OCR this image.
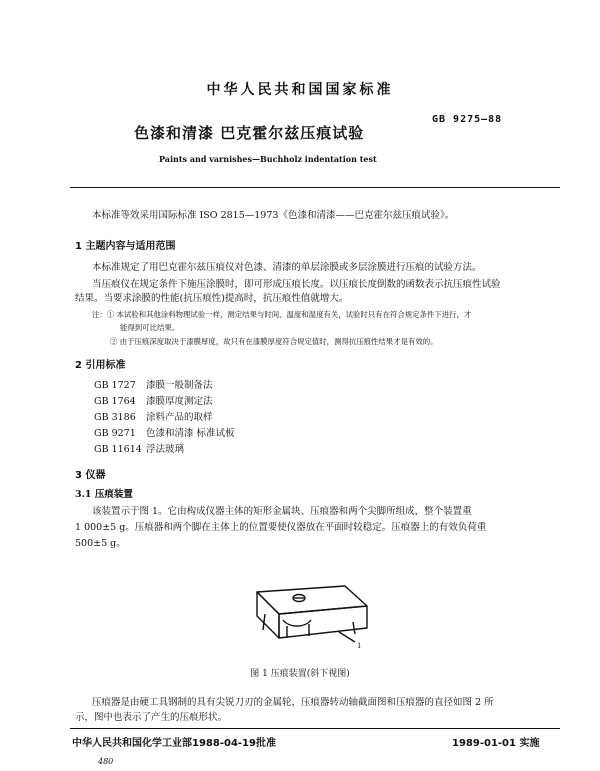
中华人民共和国国家标准
GB 9275—88
色漆和清漆 巴克霍尔兹压痕试验
Paints and varnishes—Buchholz indentation test
本标准等效采用国际标准 ISO 2815—1973《色漆和清漆——巴克霍尔兹压痕试验》。
1 主题内容与适用范围
本标准规定了用巴克霍尔兹压痕仪对色漆、清漆的单层涂膜或多层涂膜进行压痕的试验方法。
当压痕仪在规定条件下施压涂膜时，即可形成压痕长度。以压痕长度倒数的函数表示抗压痕性试验
结果。当要求涂膜的性能(抗压痕性)提高时，抗压痕性值就增大。
注：① 本试验和其他涂料物理试验一样，测定结果与时间、温度和湿度有关，试验时只有在符合规定条件下进行，才
能得到可比结果。
② 由于压痕深度取决于漆膜厚度，故只有在漆膜厚度符合规定值时，测得抗压痕性结果才是有效的。
2 引用标准
GB 1727 漆膜一般制备法
GB 1764 漆膜厚度测定法
GB 3186 涂料产品的取样
GB 9271 色漆和清漆 标准试板
GB 11614 浮法玻璃
3 仪器
3.1 压痕装置
该装置示于图 1。它由构成仪器主体的矩形金属块、压痕器和两个尖脚所组成，整个装置重
1 000±5 g。压痕器和两个脚在主体上的位置要使仪器放在平面时较稳定。压痕器上的有效负荷重
500±5 g。
1
图 1 压痕装置(斜下视图)
压痕器是由硬工具钢制的具有尖锐刀刃的金属轮，压痕器转动轴截面图和压痕器的直径如图 2 所
示，图中也表示了产生的压痕形状。
中华人民共和国化学工业部1988-04-19批准	1989-01-01 实施
480
